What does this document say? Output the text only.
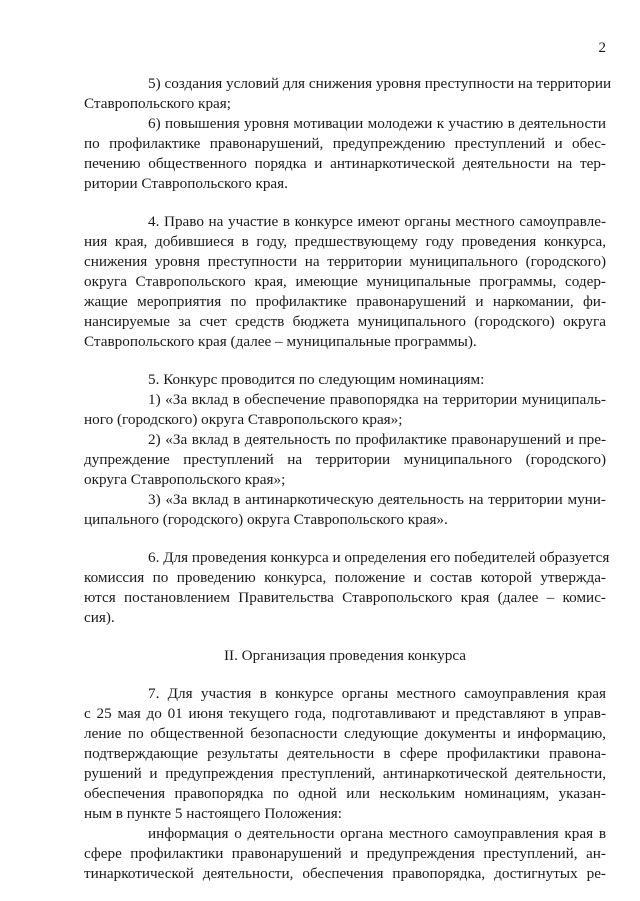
2
5) создания условий для снижения уровня преступности на территории
Ставропольского края;
6) повышения уровня мотивации молодежи к участию в деятельности
по профилактике правонарушений, предупреждению преступлений и обес-
печению общественного порядка и антинаркотической деятельности на тер-
ритории Ставропольского края.
4. Право на участие в конкурсе имеют органы местного самоуправле-
ния края, добившиеся в году, предшествующему году проведения конкурса,
снижения уровня преступности на территории муниципального (городского)
округа Ставропольского края, имеющие муниципальные программы, содер-
жащие мероприятия по профилактике правонарушений и наркомании, фи-
нансируемые за счет средств бюджета муниципального (городского) округа
Ставропольского края (далее – муниципальные программы).
5. Конкурс проводится по следующим номинациям:
1) «За вклад в обеспечение правопорядка на территории муниципаль-
ного (городского) округа Ставропольского края»;
2) «За вклад в деятельность по профилактике правонарушений и пре-
дупреждение преступлений на территории муниципального (городского)
округа Ставропольского края»;
3) «За вклад в антинаркотическую деятельность на территории муни-
ципального (городского) округа Ставропольского края».
6. Для проведения конкурса и определения его победителей образуется
комиссия по проведению конкурса, положение и состав которой утвержда-
ются постановлением Правительства Ставропольского края (далее – комис-
сия).
II. Организация проведения конкурса
7. Для участия в конкурсе органы местного самоуправления края
с 25 мая до 01 июня текущего года, подготавливают и представляют в управ-
ление по общественной безопасности следующие документы и информацию,
подтверждающие результаты деятельности в сфере профилактики правона-
рушений и предупреждения преступлений, антинаркотической деятельности,
обеспечения правопорядка по одной или нескольким номинациям, указан-
ным в пункте 5 настоящего Положения:
информация о деятельности органа местного самоуправления края в
сфере профилактики правонарушений и предупреждения преступлений, ан-
тинаркотической деятельности, обеспечения правопорядка, достигнутых ре-
